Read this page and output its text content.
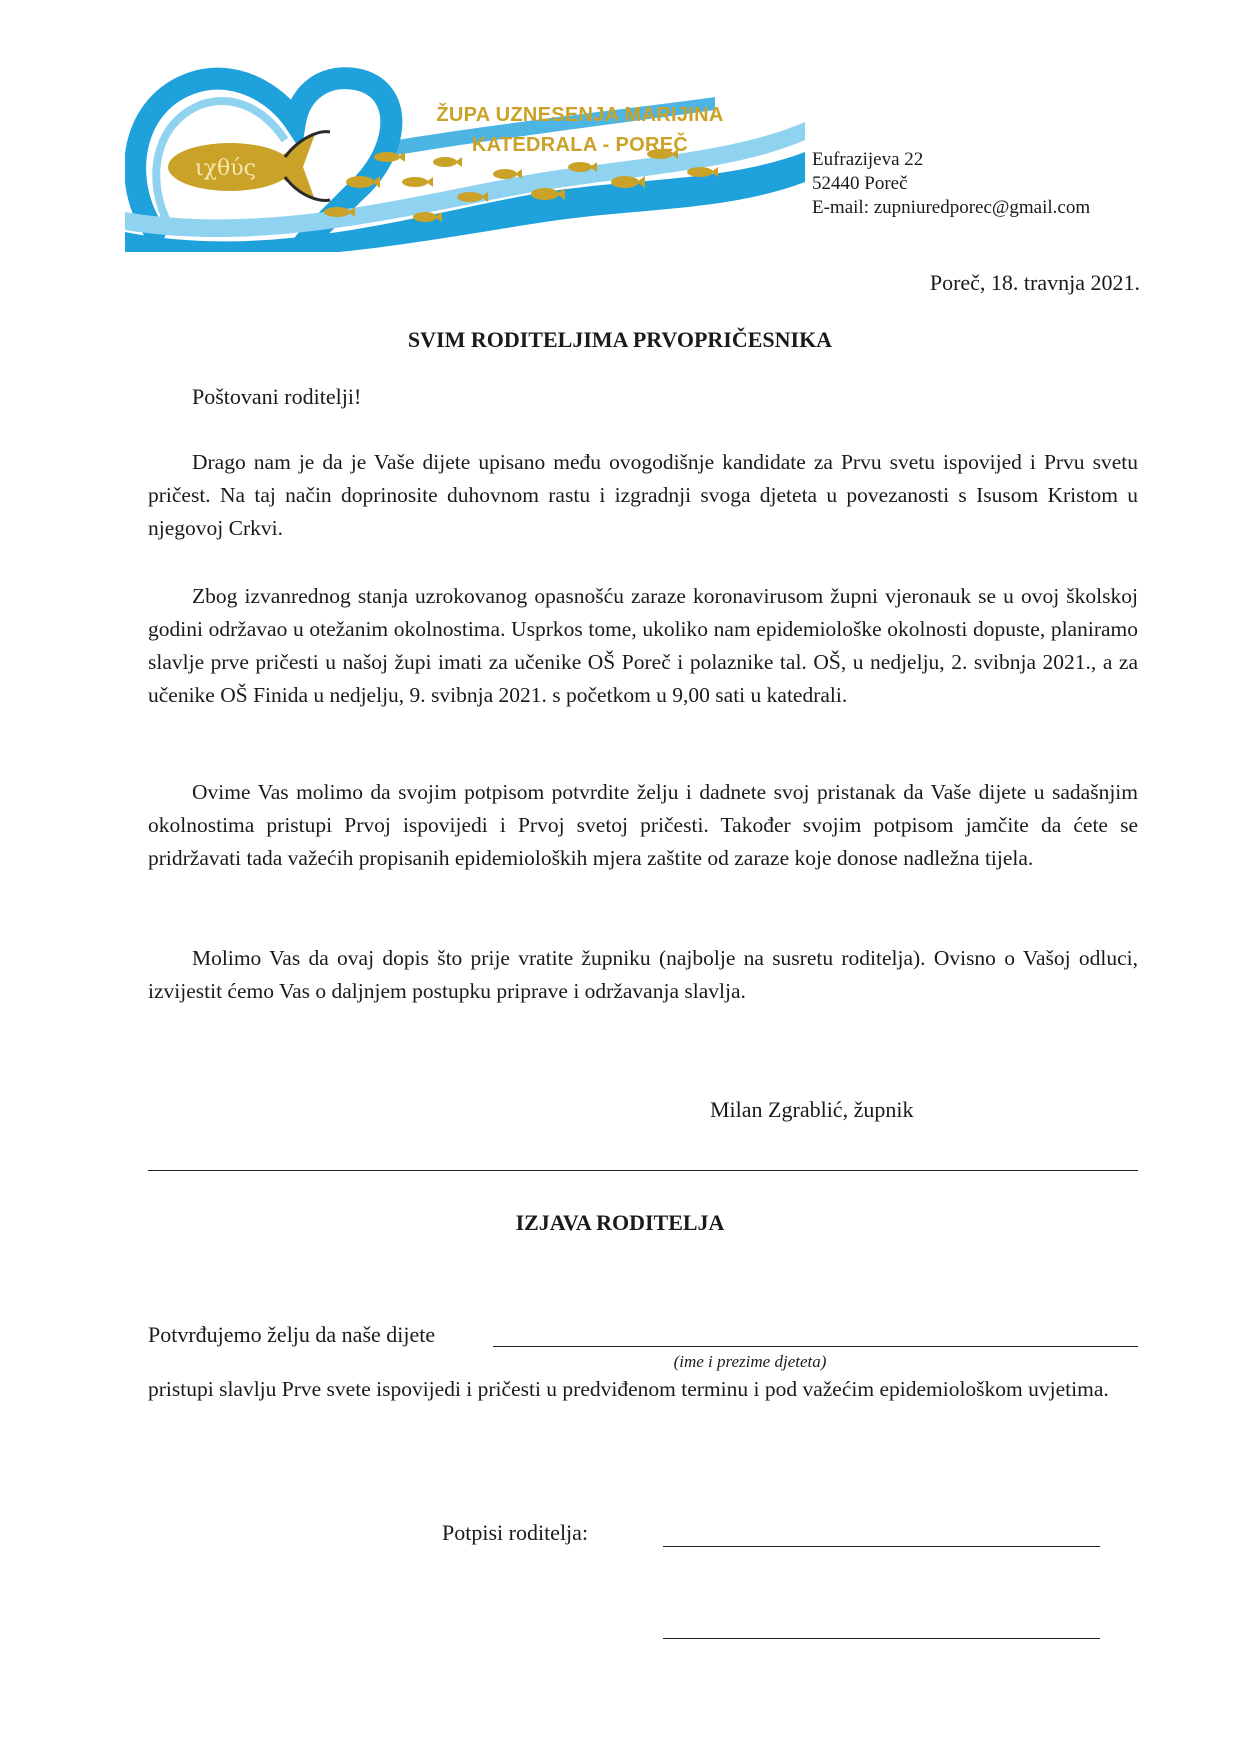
ιχθύς
ŽUPA UZNESENJA MARIJINA
KATEDRALA - POREČ
Eufrazijeva 22
52440 Poreč
E-mail: zupniuredporec@gmail.com
Poreč, 18. travnja 2021.
SVIM RODITELJIMA PRVOPRIČESNIKA
Poštovani roditelji!

Drago nam je da je Vaše dijete upisano među ovogodišnje kandidate za Prvu svetu ispovijed i Prvu svetu pričest. Na taj način doprinosite duhovnom rastu i izgradnji svoga djeteta u povezanosti s Isusom Kristom u njegovoj Crkvi.

Zbog izvanrednog stanja uzrokovanog opasnošću zaraze koronavirusom župni vjeronauk se u ovoj školskoj godini održavao u otežanim okolnostima. Usprkos tome, ukoliko nam epidemiološke okolnosti dopuste, planiramo slavlje prve pričesti u našoj župi imati za učenike OŠ Poreč i polaznike tal. OŠ, u nedjelju, 2. svibnja 2021., a za učenike OŠ Finida u nedjelju, 9. svibnja 2021. s početkom u 9,00 sati u katedrali.

Ovime Vas molimo da svojim potpisom potvrdite želju i dadnete svoj pristanak da Vaše dijete u sadašnjim okolnostima pristupi Prvoj ispovijedi i Prvoj svetoj pričesti. Također svojim potpisom jamčite da ćete se pridržavati tada važećih propisanih epidemioloških mjera zaštite od zaraze koje donose nadležna tijela.

Molimo Vas da ovaj dopis što prije vratite župniku (najbolje na susretu roditelja). Ovisno o Vašoj odluci, izvijestit ćemo Vas o daljnjem postupku priprave i održavanja slavlja.

Milan Zgrablić, župnik
IZJAVA RODITELJA
Potvrđujemo želju da naše dijete
(ime i prezime djeteta)

pristupi slavlju Prve svete ispovijedi i pričesti u predviđenom terminu i pod važećim epidemiološkom uvjetima.

Potpisi roditelja:
